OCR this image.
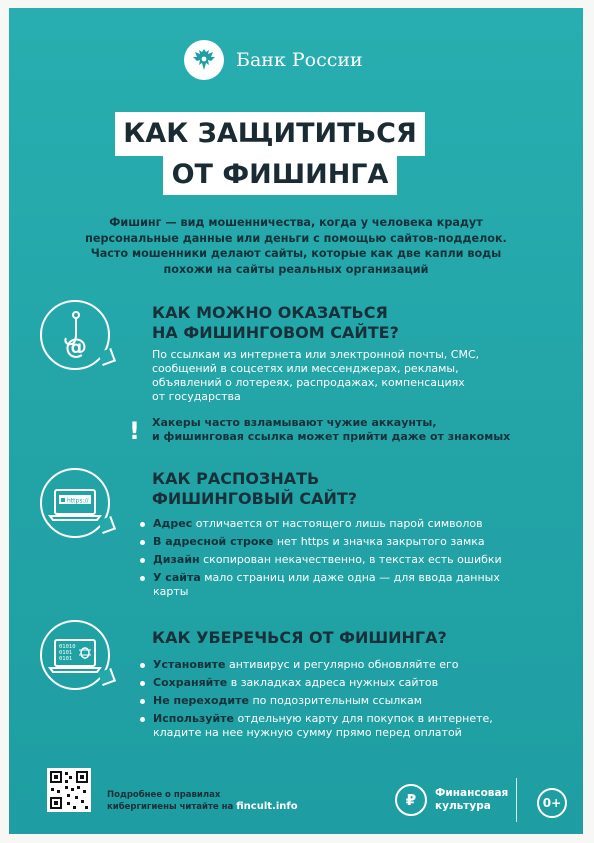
Банк России
КАК ЗАЩИТИТЬСЯ
ОТ ФИШИНГА
Фишинг — вид мошенничества, когда у человека крадут
персональные данные или деньги с помощью сайтов-подделок.
Часто мошенники делают сайты, которые как две капли воды
похожи на сайты реальных организаций
@
КАК МОЖНО ОКАЗАТЬСЯ
НА ФИШИНГОВОМ САЙТЕ?
По ссылкам из интернета или электронной почты, СМС,
сообщений в соцсетях или мессенджерах, рекламы,
объявлений о лотереях, распродажах, компенсациях
от государства
! Хакеры часто взламывают чужие аккаунты,
и фишинговая ссылка может прийти даже от знакомых
https://
КАК РАСПОЗНАТЬ
ФИШИНГОВЫЙ САЙТ?
Адрес отличается от настоящего лишь парой символов
В адресной строке нет https и значка закрытого замка
Дизайн скопирован некачественно, в текстах есть ошибки
У сайта мало страниц или даже одна — для ввода данных карты
01010
0101
0101
КАК УБЕРЕЧЬСЯ ОТ ФИШИНГА?
Установите антивирус и регулярно обновляйте его
Сохраняйте в закладках адреса нужных сайтов
Не переходите по подозрительным ссылкам
Используйте отдельную карту для покупок в интернете, кладите на нее нужную сумму прямо перед оплатой
Подробнее о правилах
кибергигиены читайте на fincult.info	₽	Финансовая
культура	0+
